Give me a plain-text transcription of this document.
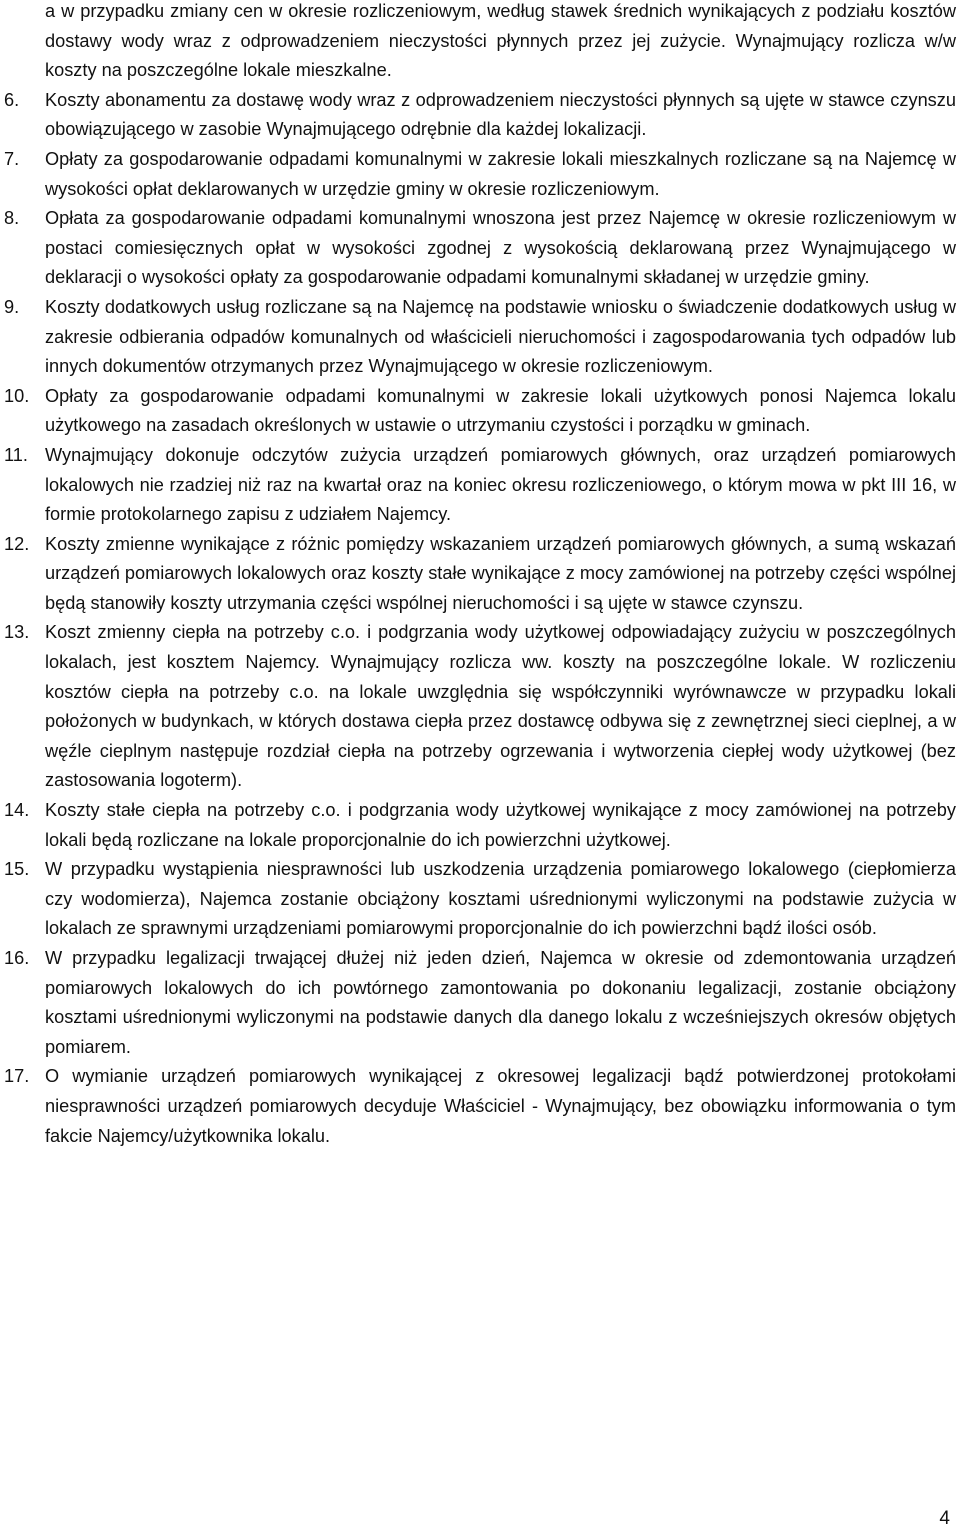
a w przypadku zmiany cen w okresie rozliczeniowym, według stawek średnich wynikających z podziału kosztów dostawy wody wraz z odprowadzeniem nieczystości płynnych przez jej zużycie. Wynajmujący rozlicza w/w koszty na poszczególne lokale mieszkalne.
6.	Koszty abonamentu za dostawę wody wraz z odprowadzeniem nieczystości płynnych są ujęte w stawce czynszu obowiązującego w zasobie Wynajmującego odrębnie dla każdej lokalizacji.
7.	Opłaty za gospodarowanie odpadami komunalnymi w zakresie lokali mieszkalnych rozliczane są na Najemcę w wysokości opłat deklarowanych w urzędzie gminy w okresie rozliczeniowym.
8.	Opłata za gospodarowanie odpadami komunalnymi wnoszona jest przez Najemcę w okresie rozliczeniowym w postaci comiesięcznych opłat w wysokości zgodnej z wysokością deklarowaną przez Wynajmującego w deklaracji o wysokości opłaty za gospodarowanie odpadami komunalnymi składanej w urzędzie gminy.
9.	Koszty dodatkowych usług rozliczane są na Najemcę na podstawie wniosku o świadczenie dodatkowych usług w zakresie odbierania odpadów komunalnych od właścicieli nieruchomości i zagospodarowania tych odpadów lub innych dokumentów otrzymanych przez Wynajmującego w okresie rozliczeniowym.
10. Opłaty za gospodarowanie odpadami komunalnymi w zakresie lokali użytkowych ponosi Najemca lokalu użytkowego na zasadach określonych w ustawie o utrzymaniu czystości i porządku w gminach.
11. Wynajmujący dokonuje odczytów zużycia urządzeń pomiarowych głównych, oraz urządzeń pomiarowych lokalowych nie rzadziej niż raz na kwartał oraz na koniec okresu rozliczeniowego, o którym mowa w pkt III 16, w formie protokolarnego zapisu z udziałem Najemcy.
12. Koszty zmienne wynikające z różnic pomiędzy wskazaniem urządzeń pomiarowych głównych, a sumą wskazań urządzeń pomiarowych lokalowych oraz koszty stałe wynikające z mocy zamówionej na potrzeby części wspólnej będą stanowiły koszty utrzymania części wspólnej nieruchomości i są ujęte w stawce czynszu.
13. Koszt zmienny ciepła na potrzeby c.o. i podgrzania wody użytkowej odpowiadający zużyciu w poszczególnych lokalach, jest kosztem Najemcy. Wynajmujący rozlicza ww. koszty na poszczególne lokale. W rozliczeniu kosztów ciepła na potrzeby c.o. na lokale uwzględnia się współczynniki wyrównawcze w przypadku lokali położonych w budynkach, w których dostawa ciepła przez dostawcę odbywa się z zewnętrznej sieci cieplnej, a w węźle cieplnym następuje rozdział ciepła na potrzeby ogrzewania i wytworzenia ciepłej wody użytkowej (bez zastosowania logoterm).
14. Koszty stałe ciepła na potrzeby c.o. i podgrzania wody użytkowej wynikające z mocy zamówionej na potrzeby lokali będą rozliczane na lokale proporcjonalnie do ich powierzchni użytkowej.
15. W przypadku wystąpienia niesprawności lub uszkodzenia urządzenia pomiarowego lokalowego (ciepłomierza czy wodomierza), Najemca zostanie obciążony kosztami uśrednionymi wyliczonymi na podstawie zużycia w lokalach ze sprawnymi urządzeniami pomiarowymi proporcjonalnie do ich powierzchni bądź ilości osób.
16. W przypadku legalizacji trwającej dłużej niż jeden dzień, Najemca w okresie od zdemontowania urządzeń pomiarowych lokalowych do ich powtórnego zamontowania po dokonaniu legalizacji, zostanie obciążony kosztami uśrednionymi wyliczonymi na podstawie danych dla danego lokalu z wcześniejszych okresów objętych pomiarem.
17. O wymianie urządzeń pomiarowych wynikającej z okresowej legalizacji bądź potwierdzonej protokołami niesprawności urządzeń pomiarowych decyduje Właściciel - Wynajmujący, bez obowiązku informowania o tym fakcie Najemcy/użytkownika lokalu.
4
